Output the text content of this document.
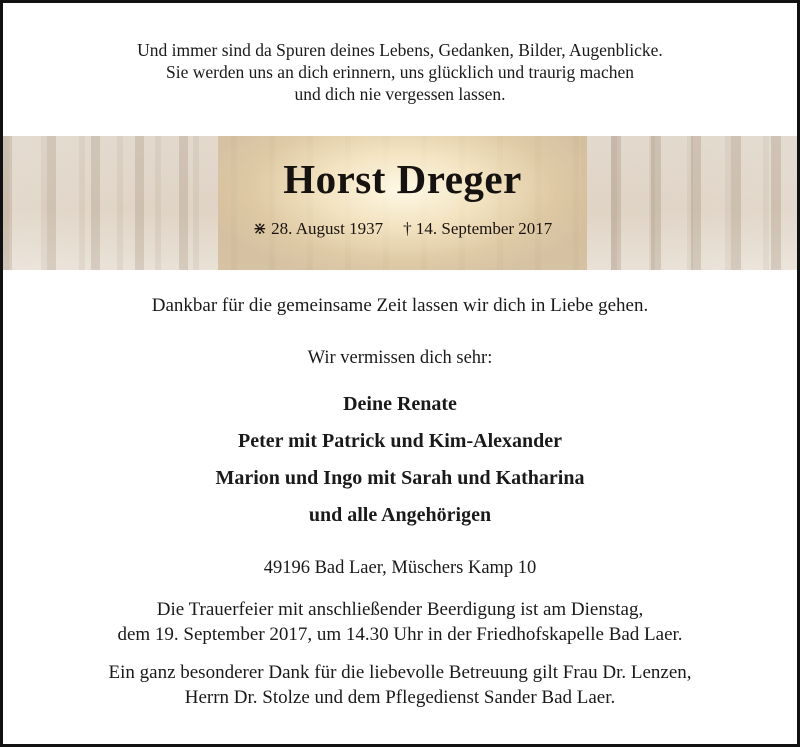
Und immer sind da Spuren deines Lebens, Gedanken, Bilder, Augenblicke.
Sie werden uns an dich erinnern, uns glücklich und traurig machen
und dich nie vergessen lassen.
Horst Dreger
⋇ 28. August 1937 † 14. September 2017
Dankbar für die gemeinsame Zeit lassen wir dich in Liebe gehen.
Wir vermissen dich sehr:
Deine Renate
Peter mit Patrick und Kim-Alexander
Marion und Ingo mit Sarah und Katharina
und alle Angehörigen
49196 Bad Laer, Müschers Kamp 10
Die Trauerfeier mit anschließender Beerdigung ist am Dienstag,
dem 19. September 2017, um 14.30 Uhr in der Friedhofskapelle Bad Laer.
Ein ganz besonderer Dank für die liebevolle Betreuung gilt Frau Dr. Lenzen,
Herrn Dr. Stolze und dem Pflegedienst Sander Bad Laer.
